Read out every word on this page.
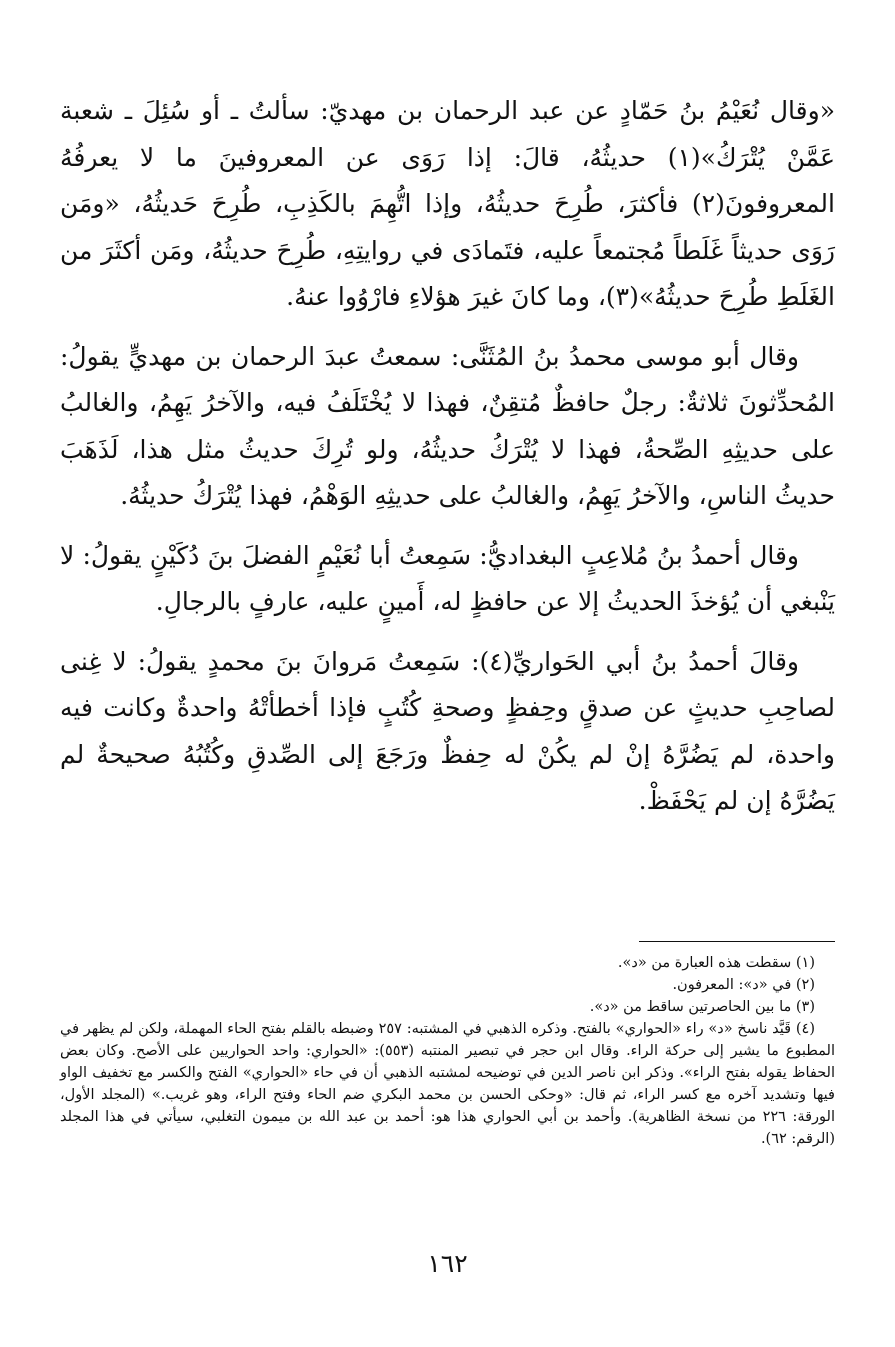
«وقال نُعَيْمُ بنُ حَمّادٍ عن عبد الرحمان بن مهديّ: سألتُ ـ أو سُئِلَ ـ شعبة عَمَّنْ يُتْرَكُ»(١) حديثُهُ، قالَ: إذا رَوَى عن المعروفينَ ما لا يعرفُهُ المعروفونَ(٢) فأكثرَ، طُرِحَ حديثُهُ، وإذا اتُّهِمَ بالكَذِبِ، طُرِحَ حَديثُهُ، «ومَن رَوَى حديثاً غَلَطاً مُجتمعاً عليه، فتَمادَى في روايتِهِ، طُرِحَ حديثُهُ، ومَن أكثَرَ من الغَلَطِ طُرِحَ حديثُهُ»(٣)، وما كانَ غيرَ هؤلاءِ فارْوُوا عنهُ.

وقال أبو موسى محمدُ بنُ المُثَنَّى: سمعتُ عبدَ الرحمان بن مهديٍّ يقولُ: المُحدِّثونَ ثلاثةٌ: رجلٌ حافظٌ مُتقِنٌ، فهذا لا يُخْتَلَفُ فيه، والآخرُ يَهِمُ، والغالبُ على حديثِهِ الصِّحةُ، فهذا لا يُتْرَكُ حديثُهُ، ولو تُرِكَ حديثُ مثل هذا، لَذَهَبَ حديثُ الناسِ، والآخرُ يَهِمُ، والغالبُ على حديثِهِ الوَهْمُ، فهذا يُتْرَكُ حديثُهُ.

وقال أحمدُ بنُ مُلاعِبٍ البغداديُّ: سَمِعتُ أبا نُعَيْمٍ الفضلَ بنَ دُكَيْنٍ يقولُ: لا يَنْبغي أن يُؤخذَ الحديثُ إلا عن حافظٍ له، أَمينٍ عليه، عارفٍ بالرجالِ.

وقالَ أحمدُ بنُ أبي الحَواريِّ(٤): سَمِعتُ مَروانَ بنَ محمدٍ يقولُ: لا غِنى لصاحِبِ حديثٍ عن صدقٍ وحِفظٍ وصحةِ كُتُبٍ فإذا أخطأتْهُ واحدةٌ وكانت فيه واحدة، لم يَضُرَّهُ إنْ لم يكُنْ له حِفظٌ ورَجَعَ إلى الصِّدقِ وكُتُبُهُ صحيحةٌ لم يَضُرَّهُ إن لم يَحْفَظْ.

(١) سقطت هذه العبارة من «د».

(٢) في «د»: المعرفون.

(٣) ما بين الحاصرتين ساقط من «د».

(٤) قَيَّد ناسخ «د» راء «الحواري» بالفتح. وذكره الذهبي في المشتبه: ٢٥٧ وضبطه بالقلم بفتح الحاء المهملة، ولكن لم يظهر في المطبوع ما يشير إلى حركة الراء. وقال ابن حجر في تبصير المنتبه (٥٥٣): «الحواري: واحد الحواريين على الأصح. وكان بعض الحفاظ يقوله بفتح الراء». وذكر ابن ناصر الدين في توضيحه لمشتبه الذهبي أن في حاء «الحواري» الفتح والكسر مع تخفيف الواو فيها وتشديد آخره مع كسر الراء، ثم قال: «وحكى الحسن بن محمد البكري ضم الحاء وفتح الراء، وهو غريب.» (المجلد الأول، الورقة: ٢٢٦ من نسخة الظاهرية). وأحمد بن أبي الحواري هذا هو: أحمد بن عبد الله بن ميمون التغلبي، سيأتي في هذا المجلد (الرقم: ٦٢).

١٦٢
